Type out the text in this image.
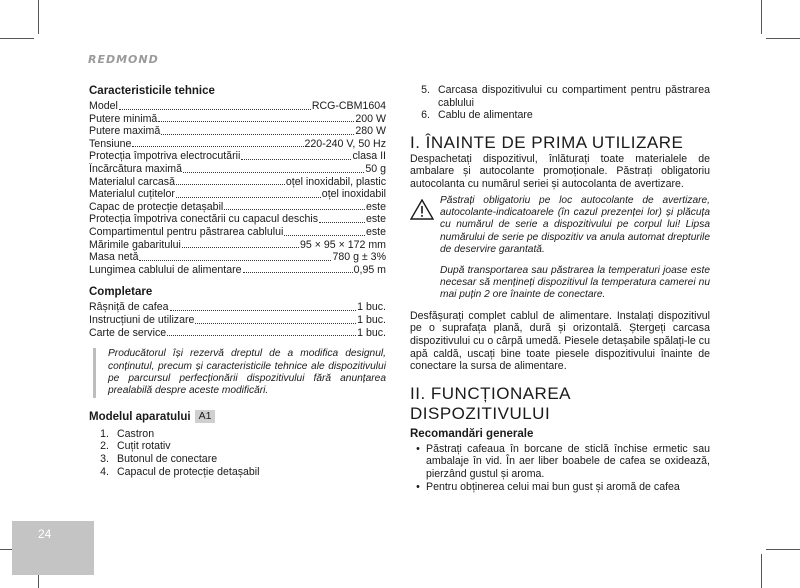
REDMOND
24
Caracteristicile tehnice
Model	RCG-CBM1604
Putere minimă	200 W
Putere maximă	280 W
Tensiune	220-240 V, 50 Hz
Protecția împotriva electrocutării	clasa II
Încărcătura maximă	50 g
Materialul carcasă	oțel inoxidabil, plastic
Materialul cuțitelor	oțel inoxidabil
Capac de protecție detașabil	este
Protecția împotriva conectării cu capacul deschis	este
Compartimentul pentru păstrarea cablului	este
Mărimile gabaritului	95 × 95 × 172 mm
Masa netă	780 g ± 3%
Lungimea cablului de alimentare	0,95 m
Completare
Râșniță de cafea	1 buc.
Instrucțiuni de utilizare	1 buc.
Carte de service	1 buc.
Producătorul își rezervă dreptul de a modifica designul, conținutul, precum și caracteristicile tehnice ale dispozitivului pe parcursul perfecționării dispozitivului fără anunțarea prealabilă despre aceste modificări.
Modelul aparatului A1
1. Castron
2. Cuțit rotativ
3. Butonul de conectare
4. Capacul de protecție detașabil
5. Carcasa dispozitivului cu compartiment pentru păstrarea cablului
6. Cablu de alimentare
I. ÎNAINTE DE PRIMA UTILIZARE

Despachetați dispozitivul, înlăturați toate materialele de ambalare și autocolante promoționale. Păstrați obligatoriu autocolanta cu numărul seriei și autocolanta de avertizare.

Păstrați obligatoriu pe loc autocolante de avertizare, autocolante-indicatoarele (în cazul prezenței lor) și plăcuța cu numărul de serie a dispozitivului pe corpul lui! Lipsa numărului de serie pe dispozitiv va anula automat drepturile de deservire garantată.
După transportarea sau păstrarea la temperaturi joase este necesar să mențineți dispozitivul la temperatura camerei nu mai puțin 2 ore înainte de conectare.

Desfășurați complet cablul de alimentare. Instalați dispozitivul pe o suprafața plană, dură și orizontală. Ștergeți carcasa dispozitivului cu o cârpă umedă. Piesele detașabile spălați-le cu apă caldă, uscați bine toate piesele dispozitivului înainte de conectare la sursa de alimentare.

II. FUNCȚIONAREA DISPOZITIVULUI
Recomandări generale
• Păstrați cafeaua în borcane de sticlă închise ermetic sau ambalaje în vid. În aer liber boabele de cafea se oxidează, pierzând gustul și aroma.
• Pentru obținerea celui mai bun gust și aromă de cafea
